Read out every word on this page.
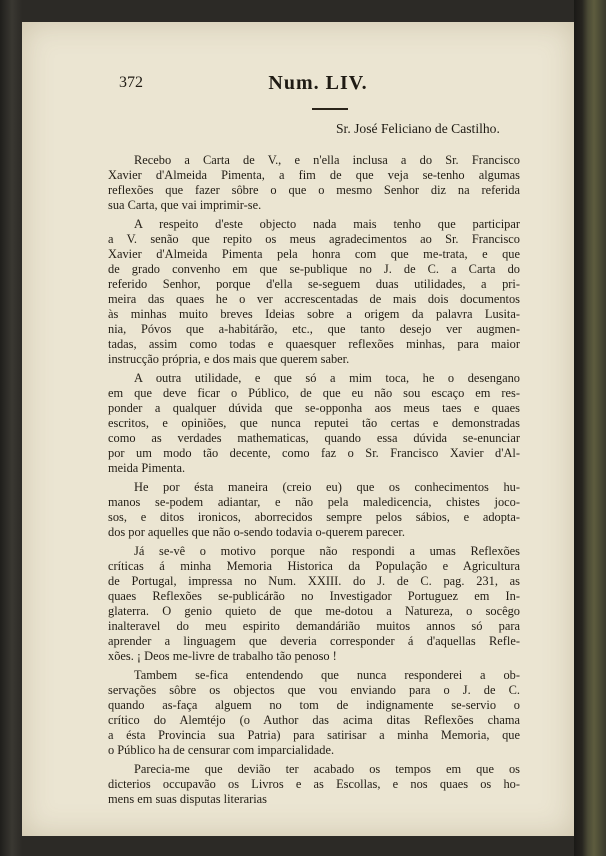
372	Num. LIV.
Sr. José Feliciano de Castilho.
Recebo a Carta de V., e n'ella inclusa a do Sr. Francisco
Xavier d'Almeida Pimenta, a fim de que veja se-tenho algumas
reflexões que fazer sôbre o que o mesmo Senhor diz na referida
sua Carta, que vai imprimir-se.
A respeito d'este objecto nada mais tenho que participar
a V. senão que repito os meus agradecimentos ao Sr. Francisco
Xavier d'Almeida Pimenta pela honra com que me-trata, e que
de grado convenho em que se-publique no J. de C. a Carta do
referido Senhor, porque d'ella se-seguem duas utilidades, a pri-
meira das quaes he o ver accrescentadas de mais dois documentos
às minhas muito breves Ideias sobre a origem da palavra Lusita-
nia, Póvos que a-habitárão, etc., que tanto desejo ver augmen-
tadas, assim como todas e quaesquer reflexões minhas, para maior
instrucção própria, e dos mais que querem saber.
A outra utilidade, e que só a mim toca, he o desengano
em que deve ficar o Público, de que eu não sou escaço em res-
ponder a qualquer dúvida que se-opponha aos meus taes e quaes
escritos, e opiniões, que nunca reputei tão certas e demonstradas
como as verdades mathematicas, quando essa dúvida se-enunciar
por um modo tão decente, como faz o Sr. Francisco Xavier d'Al-
meida Pimenta.
He por ésta maneira (creio eu) que os conhecimentos hu-
manos se-podem adiantar, e não pela maledicencia, chistes joco-
sos, e ditos ironicos, aborrecidos sempre pelos sábios, e adopta-
dos por aquelles que não o-sendo todavia o-querem parecer.
Já se-vê o motivo porque não respondi a umas Reflexões
críticas á minha Memoria Historica da População e Agricultura
de Portugal, impressa no Num. XXIII. do J. de C. pag. 231, as
quaes Reflexões se-publicárão no Investigador Portuguez em In-
glaterra. O genio quieto de que me-dotou a Natureza, o socêgo
inalteravel do meu espirito demandárião muitos annos só para
aprender a linguagem que deveria corresponder á d'aquellas Refle-
xões. ¡ Deos me-livre de trabalho tão penoso !
Tambem se-fica entendendo que nunca responderei a ob-
servações sôbre os objectos que vou enviando para o J. de C.
quando as-faça alguem no tom de indignamente se-servio o
crítico do Alemtéjo (o Author das acima ditas Reflexões chama
a ésta Provincia sua Patria) para satirisar a minha Memoria, que
o Público ha de censurar com imparcialidade.
Parecia-me que devião ter acabado os tempos em que os
dicterios occupavão os Livros e as Escollas, e nos quaes os ho-
mens em suas disputas literarias
